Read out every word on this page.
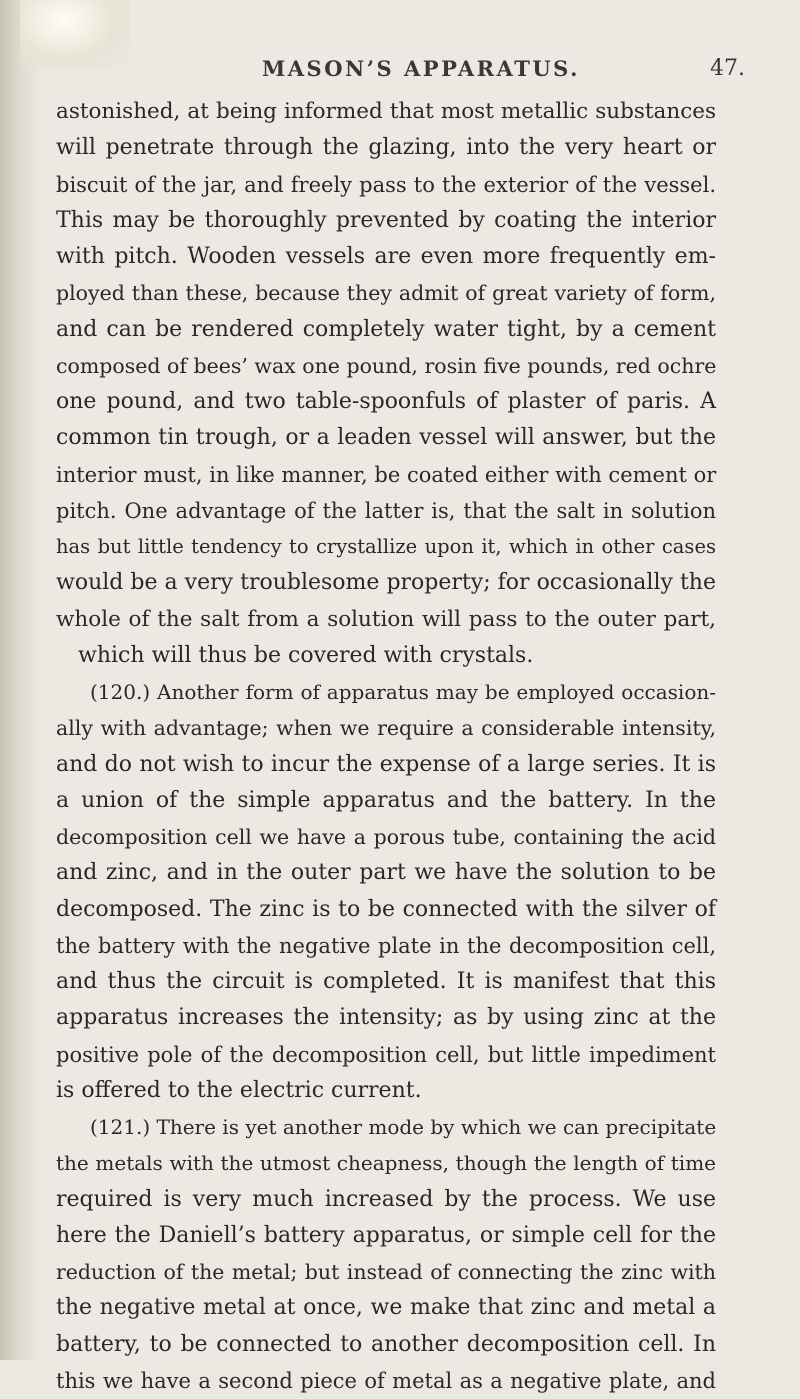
MASON’S APPARATUS.	47.
astonished, at being informed that most metallic substances
will penetrate through the glazing, into the very heart or
biscuit of the jar, and freely pass to the exterior of the vessel.
This may be thoroughly prevented by coating the interior
with pitch. Wooden vessels are even more frequently em-
ployed than these, because they admit of great variety of form,
and can be rendered completely water tight, by a cement
composed of bees’ wax one pound, rosin five pounds, red ochre
one pound, and two table-spoonfuls of plaster of paris. A
common tin trough, or a leaden vessel will answer, but the
interior must, in like manner, be coated either with cement or
pitch. One advantage of the latter is, that the salt in solution
has but little tendency to crystallize upon it, which in other cases
would be a very troublesome property; for occasionally the
whole of the salt from a solution will pass to the outer part,
which will thus be covered with crystals.
(120.) Another form of apparatus may be employed occasion-
ally with advantage; when we require a considerable intensity,
and do not wish to incur the expense of a large series. It is
a union of the simple apparatus and the battery. In the
decomposition cell we have a porous tube, containing the acid
and zinc, and in the outer part we have the solution to be
decomposed. The zinc is to be connected with the silver of
the battery with the negative plate in the decomposition cell,
and thus the circuit is completed. It is manifest that this
apparatus increases the intensity; as by using zinc at the
positive pole of the decomposition cell, but little impediment
is offered to the electric current.
(121.) There is yet another mode by which we can precipitate
the metals with the utmost cheapness, though the length of time
required is very much increased by the process. We use
here the Daniell’s battery apparatus, or simple cell for the
reduction of the metal; but instead of connecting the zinc with
the negative metal at once, we make that zinc and metal a
battery, to be connected to another decomposition cell. In
this we have a second piece of metal as a negative plate, and
